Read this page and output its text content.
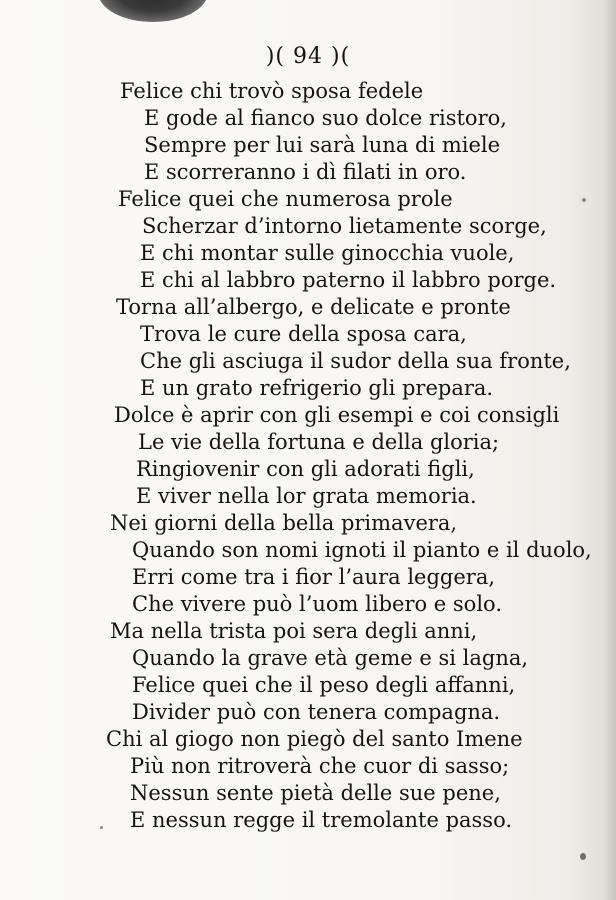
)( 94 )(
Felice chi trovò sposa fedele
E gode al fianco suo dolce ristoro,
Sempre per lui sarà luna di miele
E scorreranno i dì filati in oro.
Felice quei che numerosa prole
Scherzar d’intorno lietamente scorge,
E chi montar sulle ginocchia vuole,
E chi al labbro paterno il labbro porge.
Torna all’albergo, e delicate e pronte
Trova le cure della sposa cara,
Che gli asciuga il sudor della sua fronte,
E un grato refrigerio gli prepara.
Dolce è aprir con gli esempi e coi consigli
Le vie della fortuna e della gloria;
Ringiovenir con gli adorati figli,
E viver nella lor grata memoria.
Nei giorni della bella primavera,
Quando son nomi ignoti il pianto e il duolo,
Erri come tra i fior l’aura leggera,
Che vivere può l’uom libero e solo.
Ma nella trista poi sera degli anni,
Quando la grave età geme e si lagna,
Felice quei che il peso degli affanni,
Divider può con tenera compagna.
Chi al giogo non piegò del santo Imene
Più non ritroverà che cuor di sasso;
Nessun sente pietà delle sue pene,
E nessun regge il tremolante passo.
